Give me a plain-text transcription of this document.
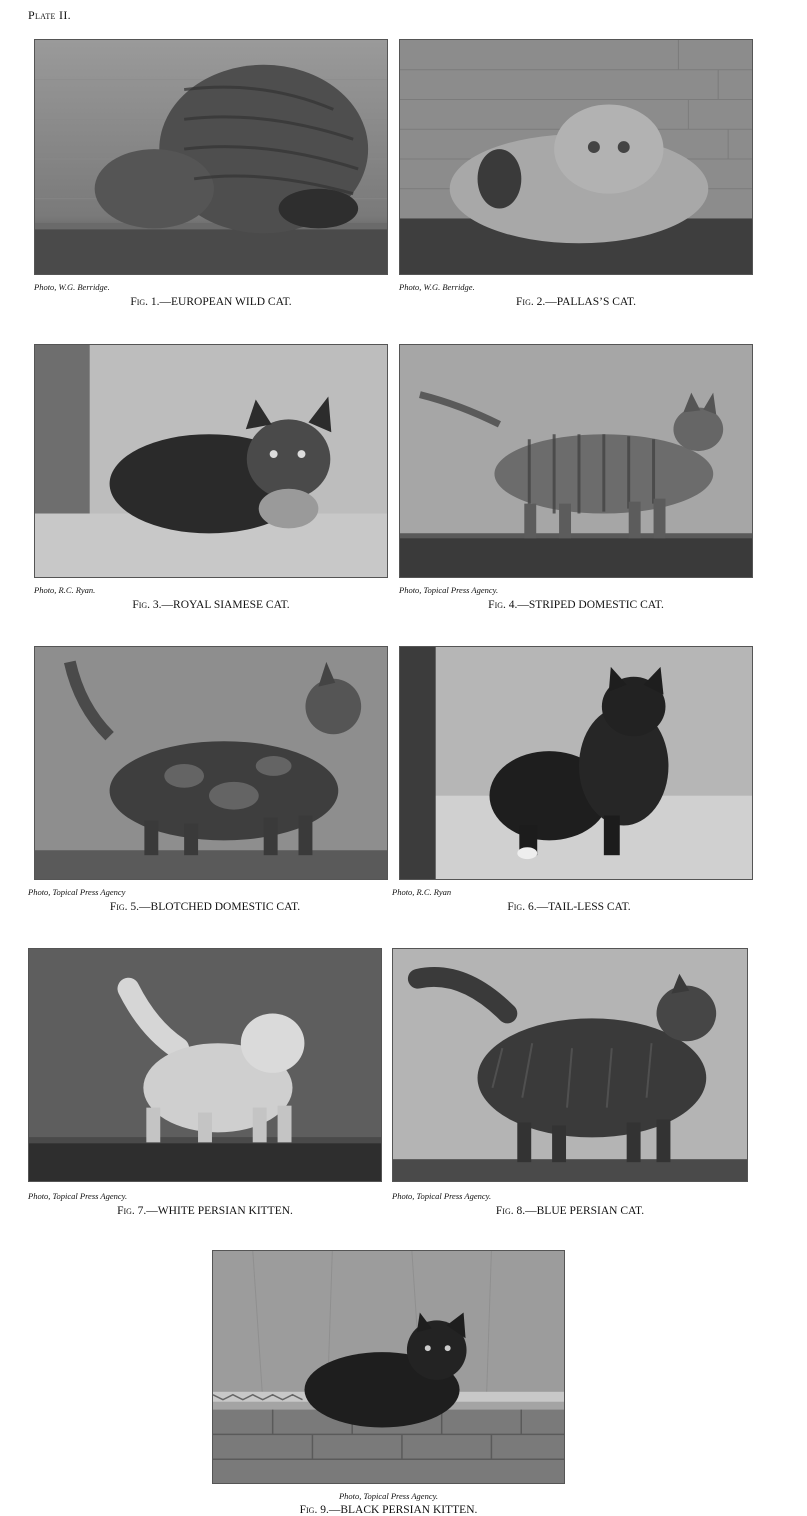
Plate II.
Photo, W.G. Berridge.
Fig. 1.—EUROPEAN WILD CAT.
Photo, W.G. Berridge.
Fig. 2.—PALLAS’S CAT.
Photo, R.C. Ryan.
Fig. 3.—ROYAL SIAMESE CAT.
Photo, Topical Press Agency.
Fig. 4.—STRIPED DOMESTIC CAT.
Photo, Topical Press Agency
Fig. 5.—BLOTCHED DOMESTIC CAT.
Photo, R.C. Ryan
Fig. 6.—TAIL-LESS CAT.
Photo, Topical Press Agency.
Fig. 7.—WHITE PERSIAN KITTEN.
Photo, Topical Press Agency.
Fig. 8.—BLUE PERSIAN CAT.
Photo, Topical Press Agency.
Fig. 9.—BLACK PERSIAN KITTEN.
